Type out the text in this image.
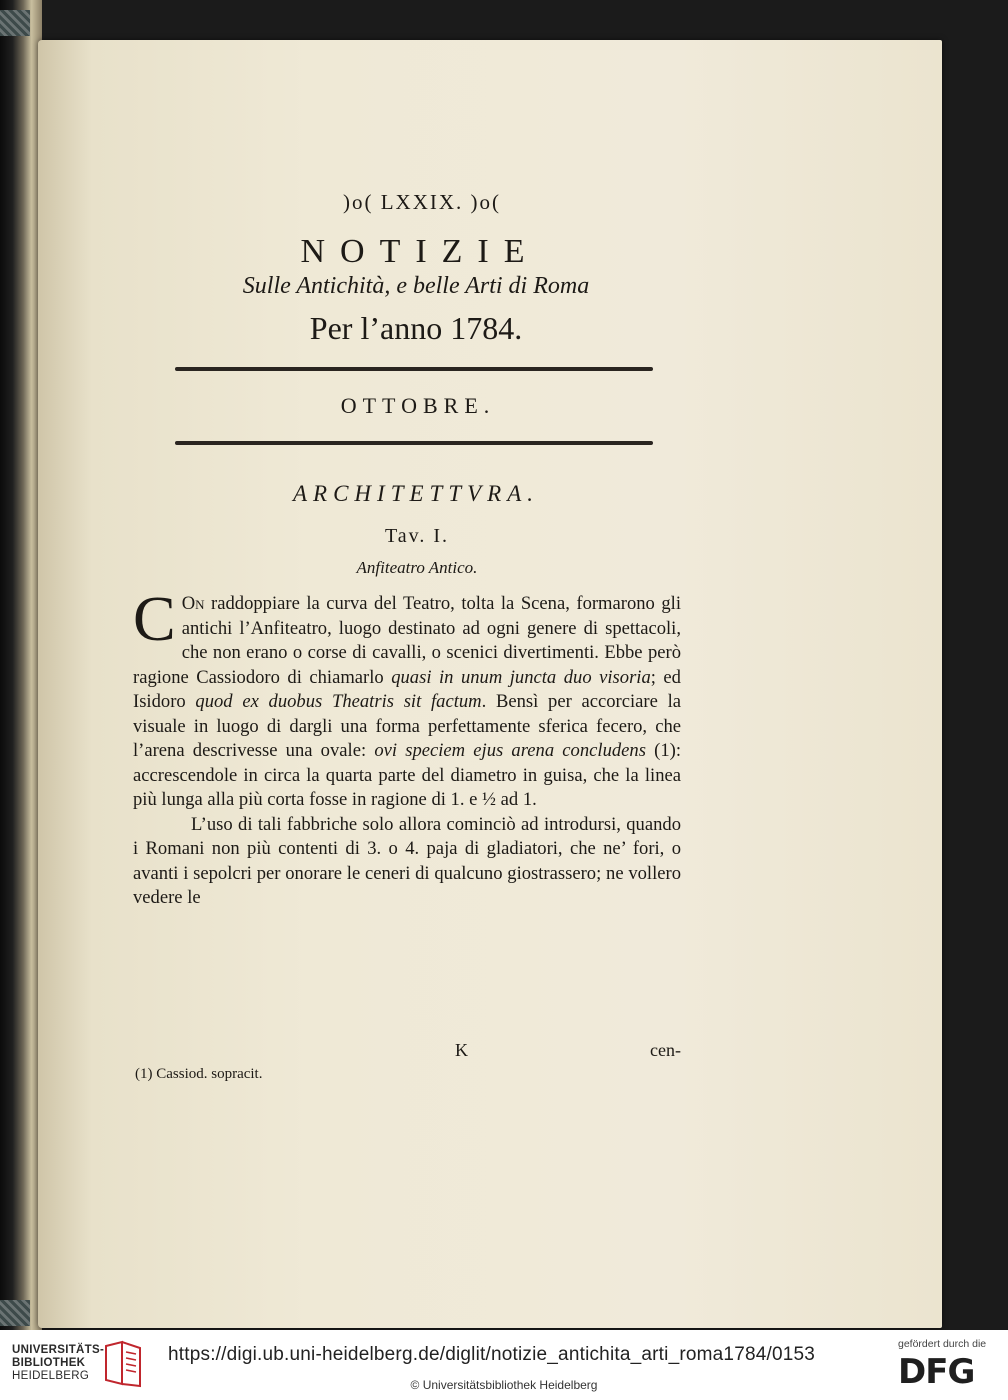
)o( LXXIX. )o(
NOTIZIE
Sulle Antichità, e belle Arti di Roma
Per l’anno 1784.
OTTOBRE.
ARCHITETTVRA.
Tav. I.
Anfiteatro Antico.

C On raddoppiare la curva del Teatro, tolta la Scena, formarono gli antichi l’Anfiteatro, luogo destinato ad ogni genere di spettacoli, che non erano o corse di cavalli, o scenici divertimenti. Ebbe però ragione Cassiodoro di chiamarlo quasi in unum juncta duo visoria; ed Isidoro quod ex duobus Theatris sit factum. Bensì per accorciare la visuale in luogo di dargli una forma perfettamente sferica fecero, che l’arena descrivesse una ovale: ovi speciem ejus arena concludens (1): accrescendole in circa la quarta parte del diametro in guisa, che la linea più lunga alla più corta fosse in ragione di 1. e ½ ad 1.

L’uso di tali fabbriche solo allora cominciò ad introdursi, quando i Romani non più contenti di 3. o 4. paja di gladiatori, che ne’ fori, o avanti i sepolcri per onorare le ceneri di qualcuno giostrassero; ne vollero vedere le

K	cen-
(1) Cassiod. sopracit.
UNIVERSITÄTS-
BIBLIOTHEK
HEIDELBERG
https://digi.ub.uni-heidelberg.de/diglit/notizie_antichita_arti_roma1784/0153
© Universitätsbibliothek Heidelberg
gefördert durch die
DFG
